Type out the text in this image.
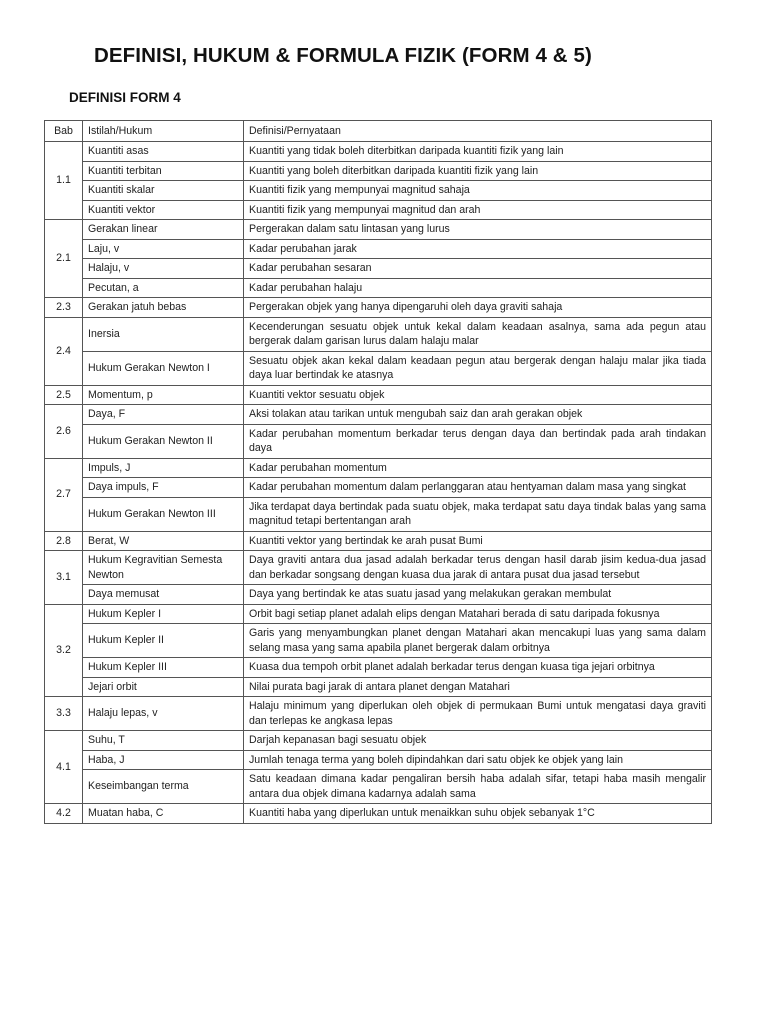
DEFINISI, HUKUM & FORMULA FIZIK (FORM 4 & 5)
DEFINISI FORM 4
Bab	Istilah/Hukum	Definisi/Pernyataan
1.1	Kuantiti asas	Kuantiti yang tidak boleh diterbitkan daripada kuantiti fizik yang lain
	Kuantiti terbitan	Kuantiti yang boleh diterbitkan daripada kuantiti fizik yang lain
	Kuantiti skalar	Kuantiti fizik yang mempunyai magnitud sahaja
	Kuantiti vektor	Kuantiti fizik yang mempunyai magnitud dan arah
2.1	Gerakan linear	Pergerakan dalam satu lintasan yang lurus
	Laju, v	Kadar perubahan jarak
	Halaju, v	Kadar perubahan sesaran
	Pecutan, a	Kadar perubahan halaju
2.3	Gerakan jatuh bebas	Pergerakan objek yang hanya dipengaruhi oleh daya graviti sahaja
2.4	Inersia	Kecenderungan sesuatu objek untuk kekal dalam keadaan asalnya, sama ada pegun atau bergerak dalam garisan lurus dalam halaju malar
	Hukum Gerakan Newton I	Sesuatu objek akan kekal dalam keadaan pegun atau bergerak dengan halaju malar jika tiada daya luar bertindak ke atasnya
2.5	Momentum, p	Kuantiti vektor sesuatu objek
2.6	Daya, F	Aksi tolakan atau tarikan untuk mengubah saiz dan arah gerakan objek
	Hukum Gerakan Newton II	Kadar perubahan momentum berkadar terus dengan daya dan bertindak pada arah tindakan daya
2.7	Impuls, J	Kadar perubahan momentum
	Daya impuls, F	Kadar perubahan momentum dalam perlanggaran atau hentyaman dalam masa yang singkat
	Hukum Gerakan Newton III	Jika terdapat daya bertindak pada suatu objek, maka terdapat satu daya tindak balas yang sama magnitud tetapi bertentangan arah
2.8	Berat, W	Kuantiti vektor yang bertindak ke arah pusat Bumi
3.1	Hukum Kegravitian Semesta Newton	Daya graviti antara dua jasad adalah berkadar terus dengan hasil darab jisim kedua-dua jasad dan berkadar songsang dengan kuasa dua jarak di antara pusat dua jasad tersebut
	Daya memusat	Daya yang bertindak ke atas suatu jasad yang melakukan gerakan membulat
3.2	Hukum Kepler I	Orbit bagi setiap planet adalah elips dengan Matahari berada di satu daripada fokusnya
	Hukum Kepler II	Garis yang menyambungkan planet dengan Matahari akan mencakupi luas yang sama dalam selang masa yang sama apabila planet bergerak dalam orbitnya
	Hukum Kepler III	Kuasa dua tempoh orbit planet adalah berkadar terus dengan kuasa tiga jejari orbitnya
	Jejari orbit	Nilai purata bagi jarak di antara planet dengan Matahari
3.3	Halaju lepas, v	Halaju minimum yang diperlukan oleh objek di permukaan Bumi untuk mengatasi daya graviti dan terlepas ke angkasa lepas
4.1	Suhu, T	Darjah kepanasan bagi sesuatu objek
	Haba, J	Jumlah tenaga terma yang boleh dipindahkan dari satu objek ke objek yang lain
	Keseimbangan terma	Satu keadaan dimana kadar pengaliran bersih haba adalah sifar, tetapi haba masih mengalir antara dua objek dimana kadarnya adalah sama
4.2	Muatan haba, C	Kuantiti haba yang diperlukan untuk menaikkan suhu objek sebanyak 1°C
